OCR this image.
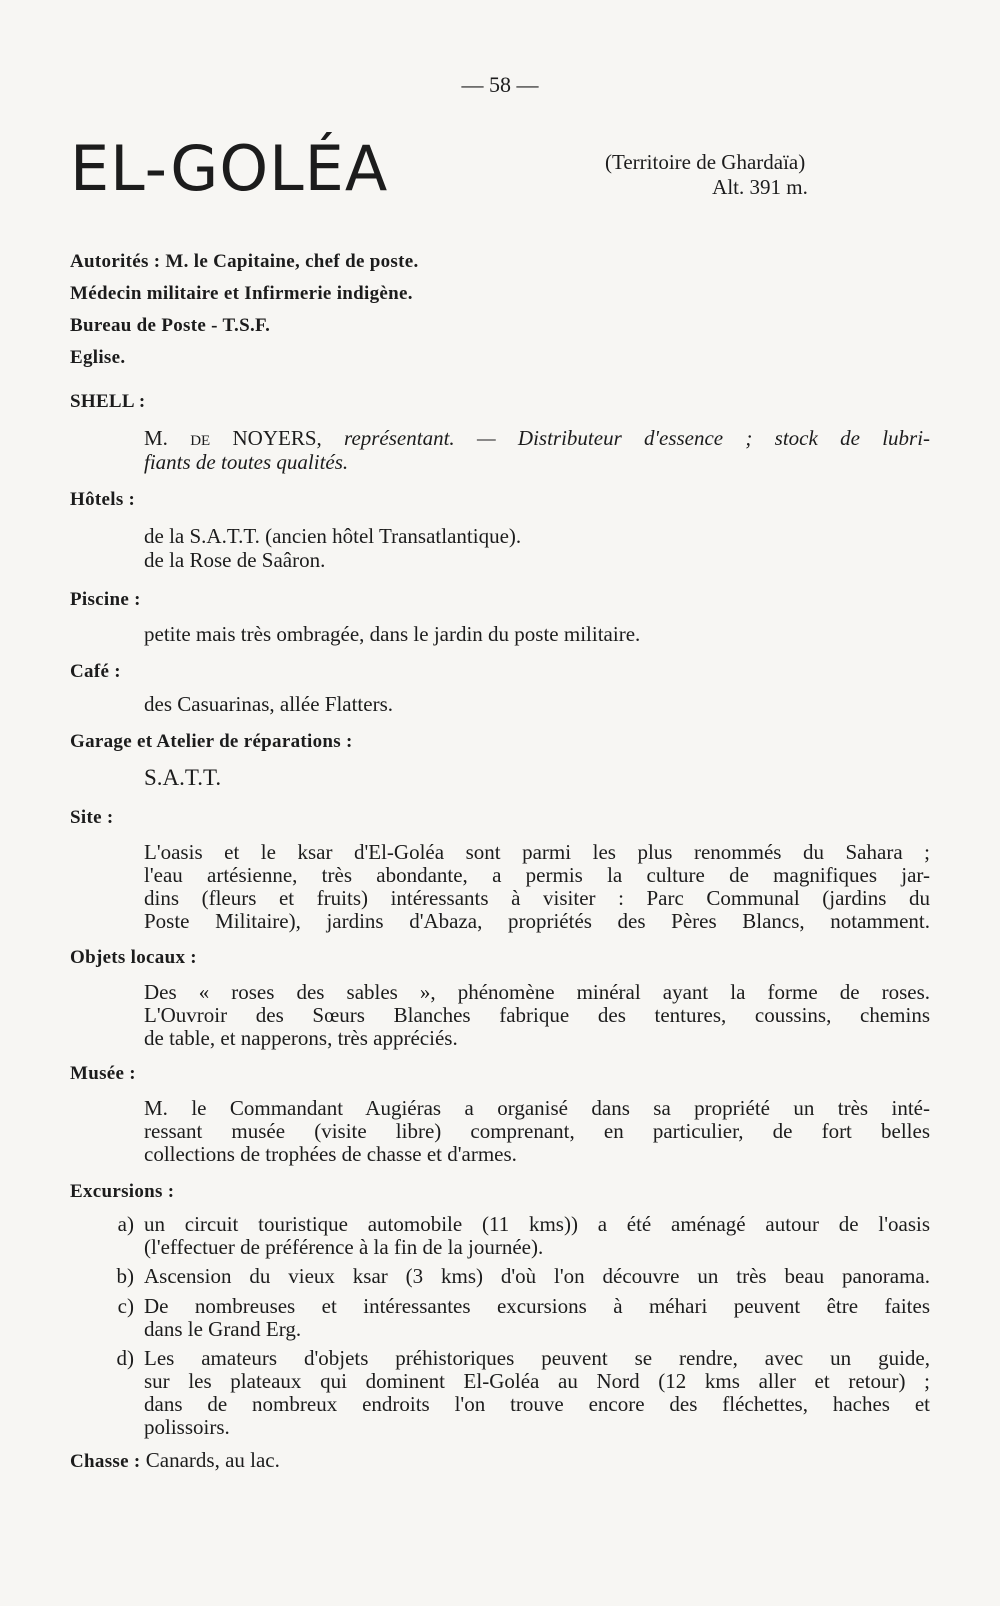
— 58 —
EL-GOLÉA	(Territoire de Ghardaïa)
Alt. 391 m.
Autorités : M. le Capitaine, chef de poste.
Médecin militaire et Infirmerie indigène.
Bureau de Poste - T.S.F.
Eglise.
SHELL :
M. de NOYERS, représentant. — Distributeur d'essence ; stock de lubri-
fiants de toutes qualités.
Hôtels :
de la S.A.T.T. (ancien hôtel Transatlantique).
de la Rose de Saâron.
Piscine :
petite mais très ombragée, dans le jardin du poste militaire.
Café :
des Casuarinas, allée Flatters.
Garage et Atelier de réparations :
S.A.T.T.
Site :
L'oasis et le ksar d'El-Goléa sont parmi les plus renommés du Sahara ;
l'eau artésienne, très abondante, a permis la culture de magnifiques jar-
dins (fleurs et fruits) intéressants à visiter : Parc Communal (jardins du
Poste Militaire), jardins d'Abaza, propriétés des Pères Blancs, notamment.
Objets locaux :
Des « roses des sables », phénomène minéral ayant la forme de roses.
L'Ouvroir des Sœurs Blanches fabrique des tentures, coussins, chemins
de table, et napperons, très appréciés.
Musée :
M. le Commandant Augiéras a organisé dans sa propriété un très inté-
ressant musée (visite libre) comprenant, en particulier, de fort belles
collections de trophées de chasse et d'armes.
Excursions :
a) un circuit touristique automobile (11 kms)) a été aménagé autour de l'oasis
(l'effectuer de préférence à la fin de la journée).
b) Ascension du vieux ksar (3 kms) d'où l'on découvre un très beau panorama.
c) De nombreuses et intéressantes excursions à méhari peuvent être faites
dans le Grand Erg.
d) Les amateurs d'objets préhistoriques peuvent se rendre, avec un guide,
sur les plateaux qui dominent El-Goléa au Nord (12 kms aller et retour) ;
dans de nombreux endroits l'on trouve encore des fléchettes, haches et
polissoirs.
Chasse : Canards, au lac.
